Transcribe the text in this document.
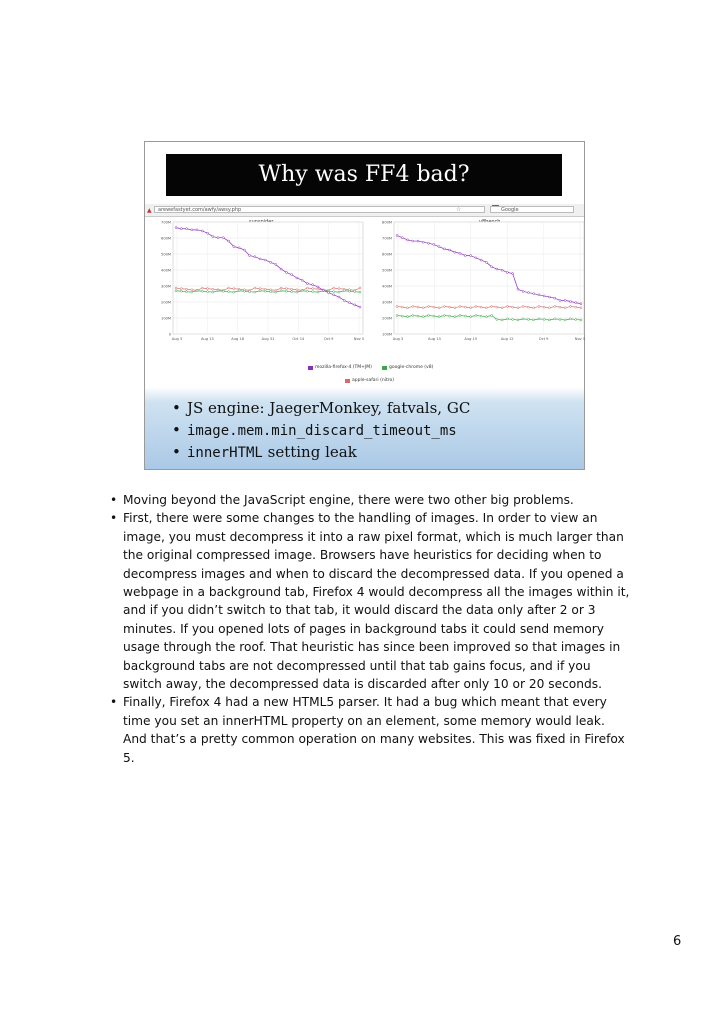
Why was FF4 bad?
▲	arewefastyet.com/awfy/awsy.php	☆	Google
700M
600M
500M
400M
300M
200M
100M
0
Aug 3	Aug 13	Aug 18	Aug 31	Oct 14	Oct 9	Nov 5
800M
700M
600M
500M
400M
300M
200M
100M
Aug 3	Aug 13	Aug 15	Aug 12	Oct 9	Nov 5
mozilla-firefox-4 (TM+JM)	google-chrome (v8)
apple-safari (nitro)
• JS engine: JaegerMonkey, fatvals, GC
• image.mem.min_discard_timeout_ms
• innerHTML setting leak
• Moving beyond the JavaScript engine, there were two other big problems.
• First, there were some changes to the handling of images. In order to view an image, you must decompress it into a raw pixel format, which is much larger than the original compressed image. Browsers have heuristics for deciding when to decompress images and when to discard the decompressed data. If you opened a webpage in a background tab, Firefox 4 would decompress all the images within it, and if you didn’t switch to that tab, it would discard the data only after 2 or 3 minutes. If you opened lots of pages in background tabs it could send memory usage through the roof. That heuristic has since been improved so that images in background tabs are not decompressed until that tab gains focus, and if you switch away, the decompressed data is discarded after only 10 or 20 seconds.
• Finally, Firefox 4 had a new HTML5 parser. It had a bug which meant that every time you set an innerHTML property on an element, some memory would leak. And that’s a pretty common operation on many websites. This was fixed in Firefox 5.
6
